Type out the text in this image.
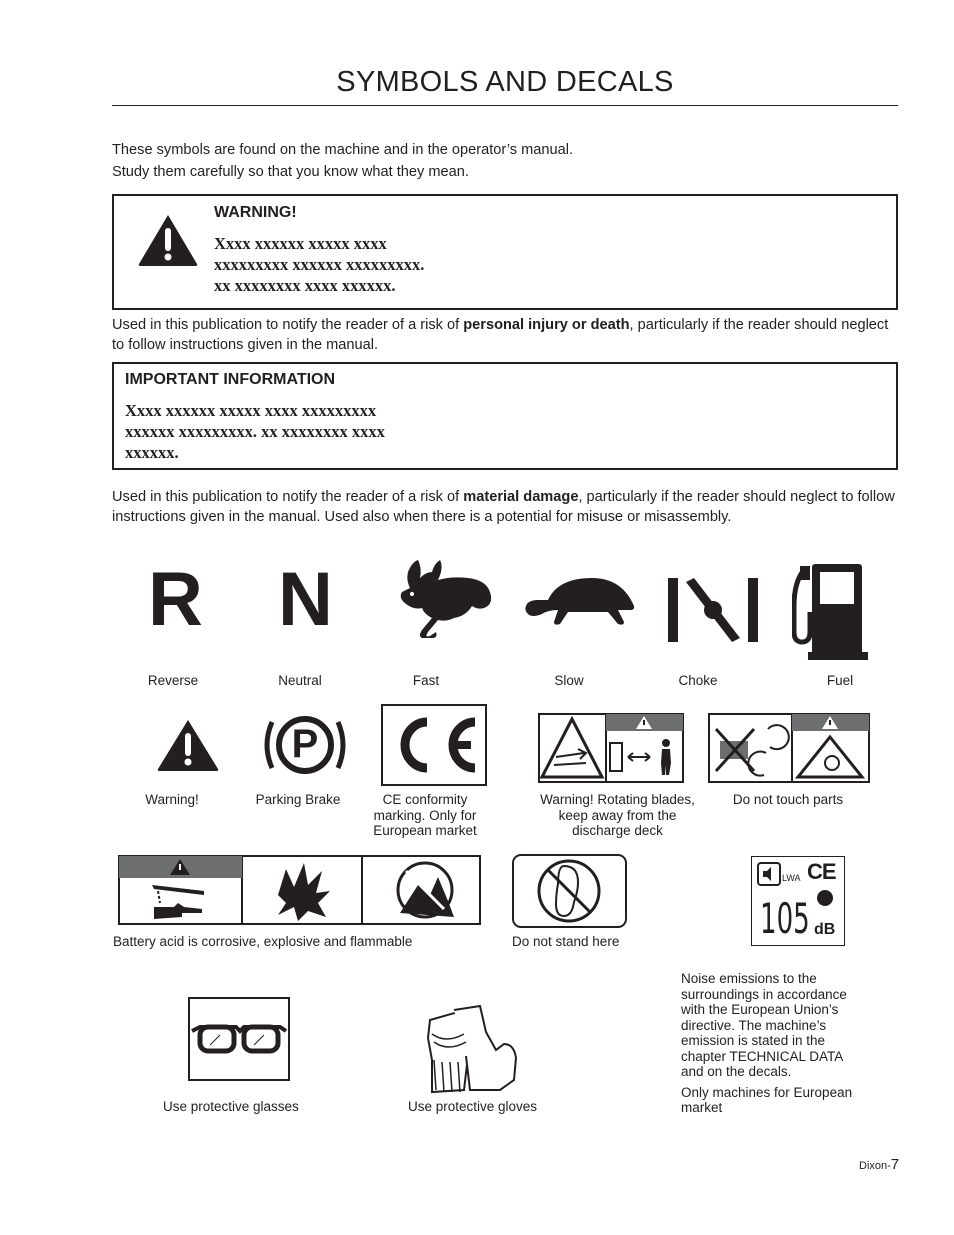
SYMBOLS AND DECALS
These symbols are found on the machine and in the operator’s manual.
Study them carefully so that you know what they mean.
WARNING!
Xxxx xxxxxx xxxxx xxxx
xxxxxxxxx xxxxxx xxxxxxxxx.
xx xxxxxxxx xxxx xxxxxx.
Used in this publication to notify the reader of a risk of personal injury or death, particularly if the reader should neglect to follow instructions given in the manual.
IMPORTANT INFORMATION
Xxxx xxxxxx xxxxx xxxx xxxxxxxxx
xxxxxx xxxxxxxxx. xx xxxxxxxx xxxx
xxxxxx.
Used in this publication to notify the reader of a risk of material damage, particularly if the reader should neglect to follow instructions given in the manual. Used also when there is a potential for misuse or misassembly.
R N
Reverse	Neutral	Fast	Slow	Choke	Fuel
P
Warning!	Parking Brake	CE conformity
marking. Only for
European market
Warning! Rotating blades,
keep away from the
discharge deck
Do not touch parts
LWA CE
105 dB
Battery acid is corrosive, explosive and flammable	Do not stand here
Noise emissions to the
surroundings in accordance
with the European Union’s
directive. The machine’s
emission is stated in the
chapter TECHNICAL DATA
and on the decals.
Only machines for European
market
Use protective glasses	Use protective gloves
Dixon-7
